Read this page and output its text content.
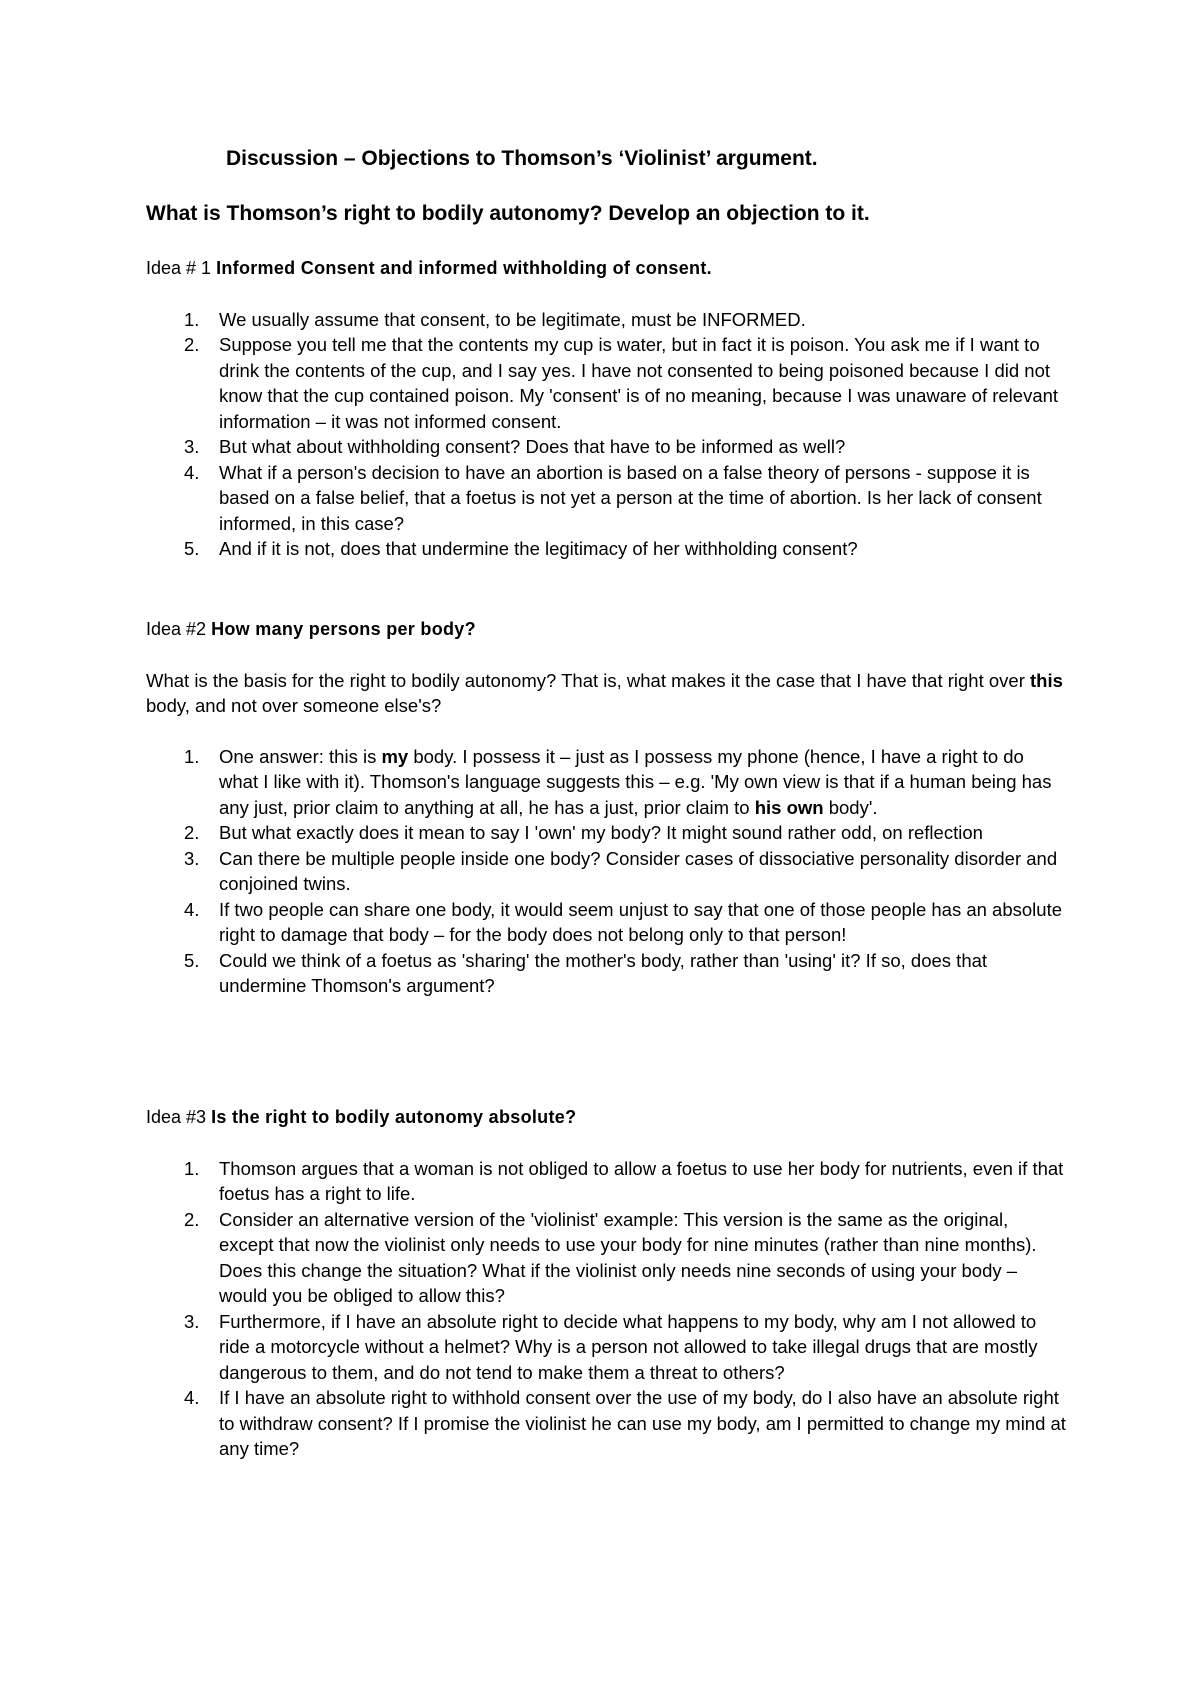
Discussion – Objections to Thomson’s ‘Violinist’ argument.
What is Thomson’s right to bodily autonomy? Develop an objection to it.

Idea # 1 Informed Consent and informed withholding of consent.

1. We usually assume that consent, to be legitimate, must be INFORMED.
2. Suppose you tell me that the contents my cup is water, but in fact it is poison. You ask me if I want to drink the contents of the cup, and I say yes. I have not consented to being poisoned because I did not know that the cup contained poison. My 'consent' is of no meaning, because I was unaware of relevant information – it was not informed consent.
3. But what about withholding consent? Does that have to be informed as well?
4. What if a person's decision to have an abortion is based on a false theory of persons - suppose it is based on a false belief, that a foetus is not yet a person at the time of abortion. Is her lack of consent informed, in this case?
5. And if it is not, does that undermine the legitimacy of her withholding consent?

Idea #2 How many persons per body?

What is the basis for the right to bodily autonomy? That is, what makes it the case that I have that right over this body, and not over someone else's?

1. One answer: this is my body. I possess it – just as I possess my phone (hence, I have a right to do what I like with it). Thomson's language suggests this – e.g. 'My own view is that if a human being has any just, prior claim to anything at all, he has a just, prior claim to his own body'.
2. But what exactly does it mean to say I 'own' my body? It might sound rather odd, on reflection
3. Can there be multiple people inside one body? Consider cases of dissociative personality disorder and conjoined twins.
4. If two people can share one body, it would seem unjust to say that one of those people has an absolute right to damage that body – for the body does not belong only to that person!
5. Could we think of a foetus as 'sharing' the mother's body, rather than 'using' it? If so, does that undermine Thomson's argument?

Idea #3 Is the right to bodily autonomy absolute?

1. Thomson argues that a woman is not obliged to allow a foetus to use her body for nutrients, even if that foetus has a right to life.
2. Consider an alternative version of the 'violinist' example: This version is the same as the original, except that now the violinist only needs to use your body for nine minutes (rather than nine months). Does this change the situation? What if the violinist only needs nine seconds of using your body – would you be obliged to allow this?
3. Furthermore, if I have an absolute right to decide what happens to my body, why am I not allowed to ride a motorcycle without a helmet? Why is a person not allowed to take illegal drugs that are mostly dangerous to them, and do not tend to make them a threat to others?
4. If I have an absolute right to withhold consent over the use of my body, do I also have an absolute right to withdraw consent? If I promise the violinist he can use my body, am I permitted to change my mind at any time?
